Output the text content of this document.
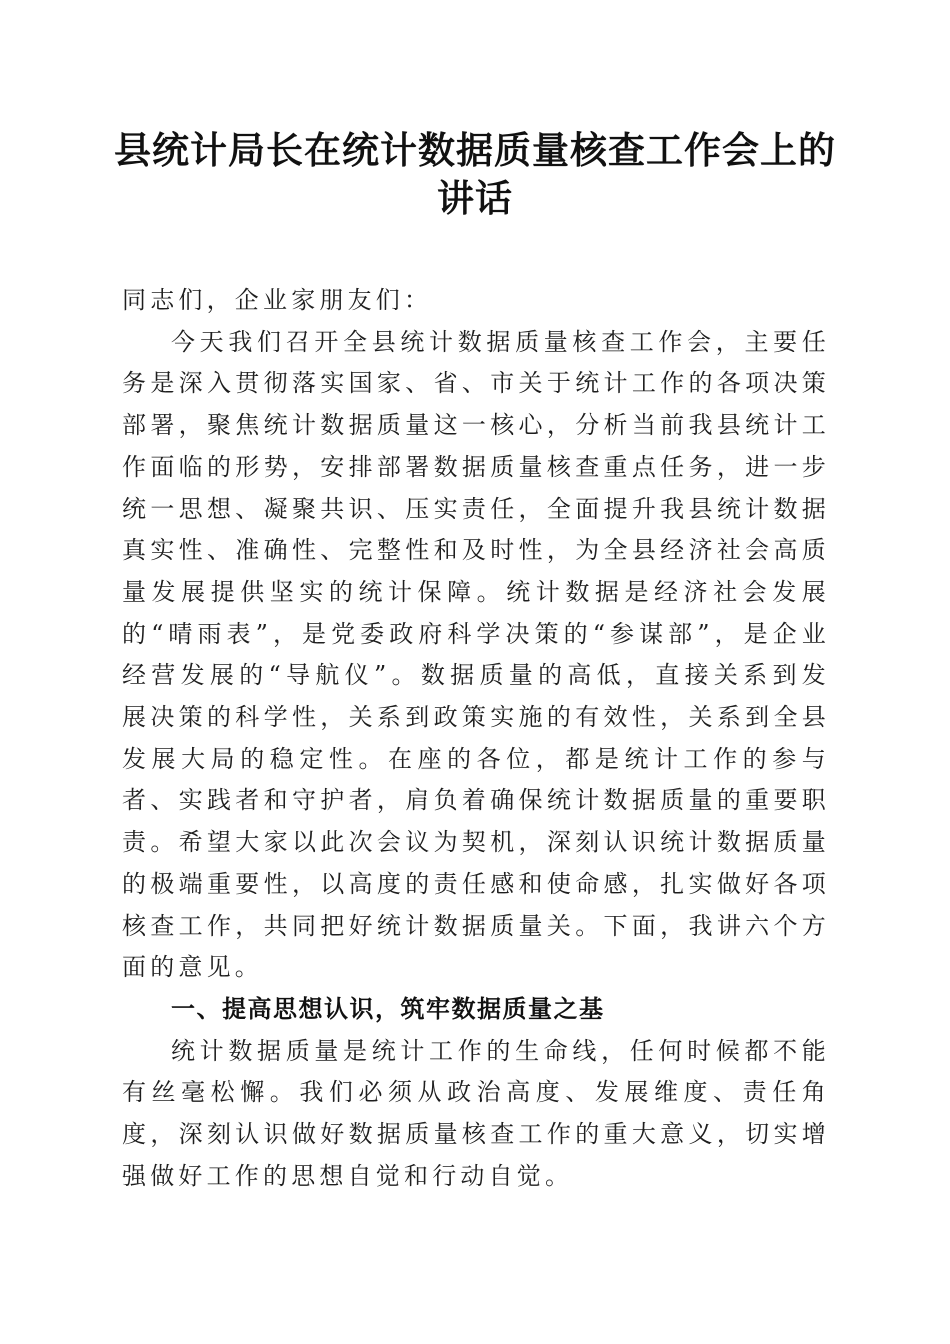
县统计局长在统计数据质量核查工作会上的讲话

同志们，企业家朋友们：

今天我们召开全县统计数据质量核查工作会，主要任务是深入贯彻落实国家、省、市关于统计工作的各项决策部署，聚焦统计数据质量这一核心，分析当前我县统计工作面临的形势，安排部署数据质量核查重点任务，进一步统一思想、凝聚共识、压实责任，全面提升我县统计数据真实性、准确性、完整性和及时性，为全县经济社会高质量发展提供坚实的统计保障。统计数据是经济社会发展的“晴雨表”，是党委政府科学决策的“参谋部”，是企业经营发展的“导航仪”。数据质量的高低，直接关系到发展决策的科学性，关系到政策实施的有效性，关系到全县发展大局的稳定性。在座的各位，都是统计工作的参与者、实践者和守护者，肩负着确保统计数据质量的重要职责。希望大家以此次会议为契机，深刻认识统计数据质量的极端重要性，以高度的责任感和使命感，扎实做好各项核查工作，共同把好统计数据质量关。下面，我讲六个方面的意见。

一、提高思想认识，筑牢数据质量之基

统计数据质量是统计工作的生命线，任何时候都不能有丝毫松懈。我们必须从政治高度、发展维度、责任角度，深刻认识做好数据质量核查工作的重大意义，切实增强做好工作的思想自觉和行动自觉。
